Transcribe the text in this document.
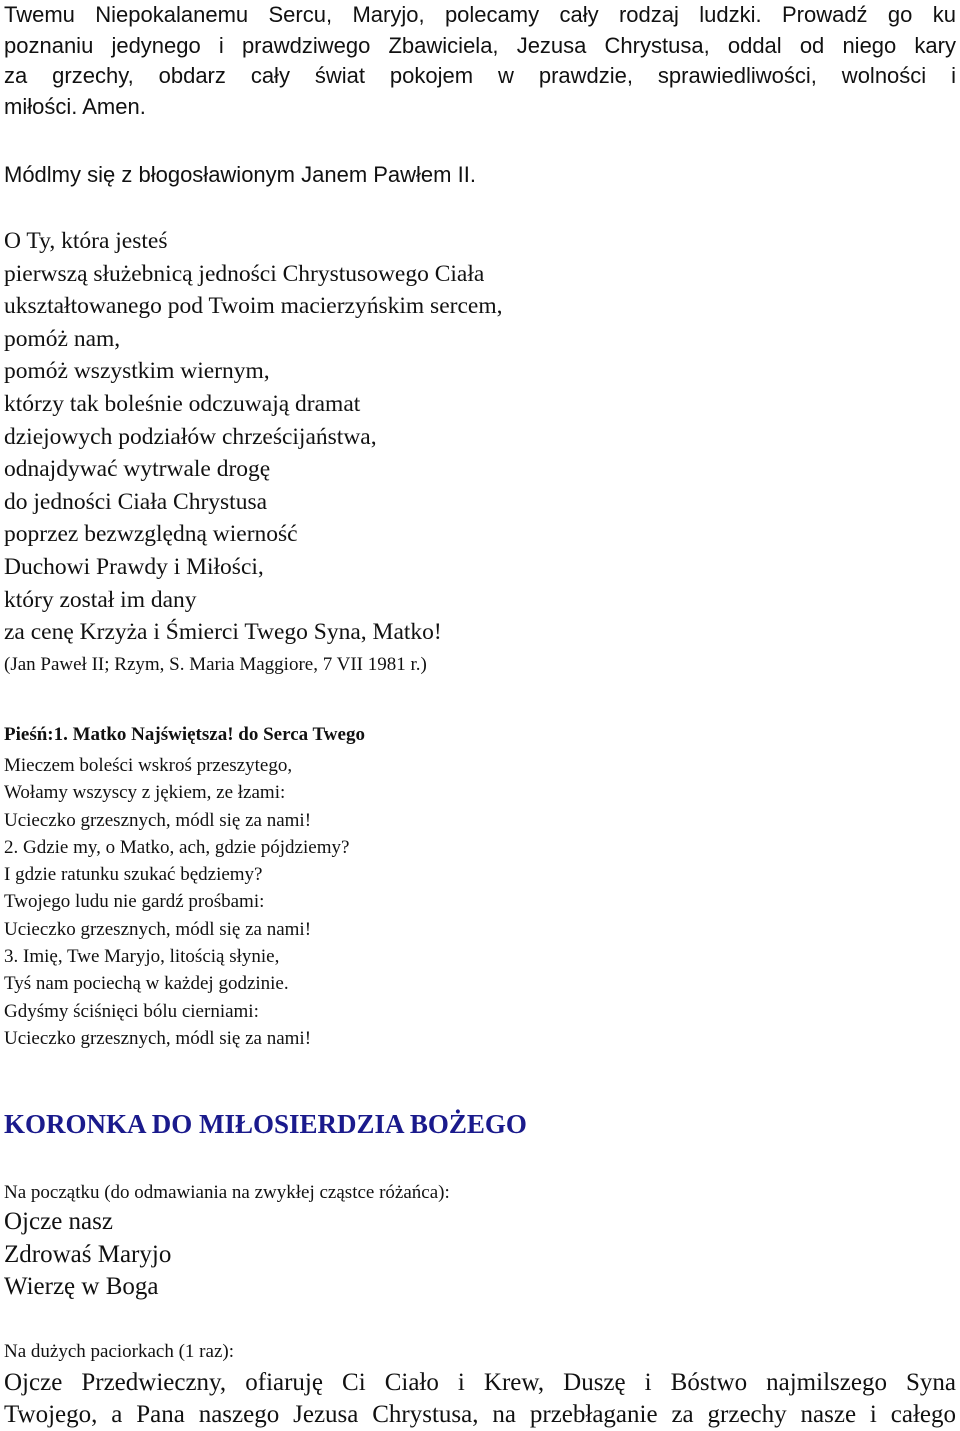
Twemu Niepokalanemu Sercu, Maryjo, polecamy cały rodzaj ludzki. Prowadź go ku
poznaniu jedynego i prawdziwego Zbawiciela, Jezusa Chrystusa, oddal od niego kary
za grzechy, obdarz cały świat pokojem w prawdzie, sprawiedliwości, wolności i
miłości. Amen.
Módlmy się z błogosławionym Janem Pawłem II.

O Ty, która jesteś

pierwszą służebnicą jedności Chrystusowego Ciała

ukształtowanego pod Twoim macierzyńskim sercem,

pomóż nam,

pomóż wszystkim wiernym,

którzy tak boleśnie odczuwają dramat

dziejowych podziałów chrześcijaństwa,

odnajdywać wytrwale drogę

do jedności Ciała Chrystusa

poprzez bezwzględną wierność

Duchowi Prawdy i Miłości,

który został im dany

za cenę Krzyża i Śmierci Twego Syna, Matko!

(Jan Paweł II; Rzym, S. Maria Maggiore, 7 VII 1981 r.)
Pieśń:1. Matko Najświętsza! do Serca Twego

Mieczem boleści wskroś przeszytego,

Wołamy wszyscy z jękiem, ze łzami:

Ucieczko grzesznych, módl się za nami!

2. Gdzie my, o Matko, ach, gdzie pójdziemy?

I gdzie ratunku szukać będziemy?

Twojego ludu nie gardź prośbami:

Ucieczko grzesznych, módl się za nami!

3. Imię, Twe Maryjo, litością słynie,

Tyś nam pociechą w każdej godzinie.

Gdyśmy ściśnięci bólu cierniami:

Ucieczko grzesznych, módl się za nami!

KORONKA DO MIŁOSIERDZIA BOŻEGO
Na początku (do odmawiania na zwykłej cząstce różańca):

Ojcze nasz

Zdrowaś Maryjo

Wierzę w Boga

Na dużych paciorkach (1 raz):
Ojcze Przedwieczny, ofiaruję Ci Ciało i Krew, Duszę i Bóstwo najmilszego Syna
Twojego, a Pana naszego Jezusa Chrystusa, na przebłaganie za grzechy nasze i całego
